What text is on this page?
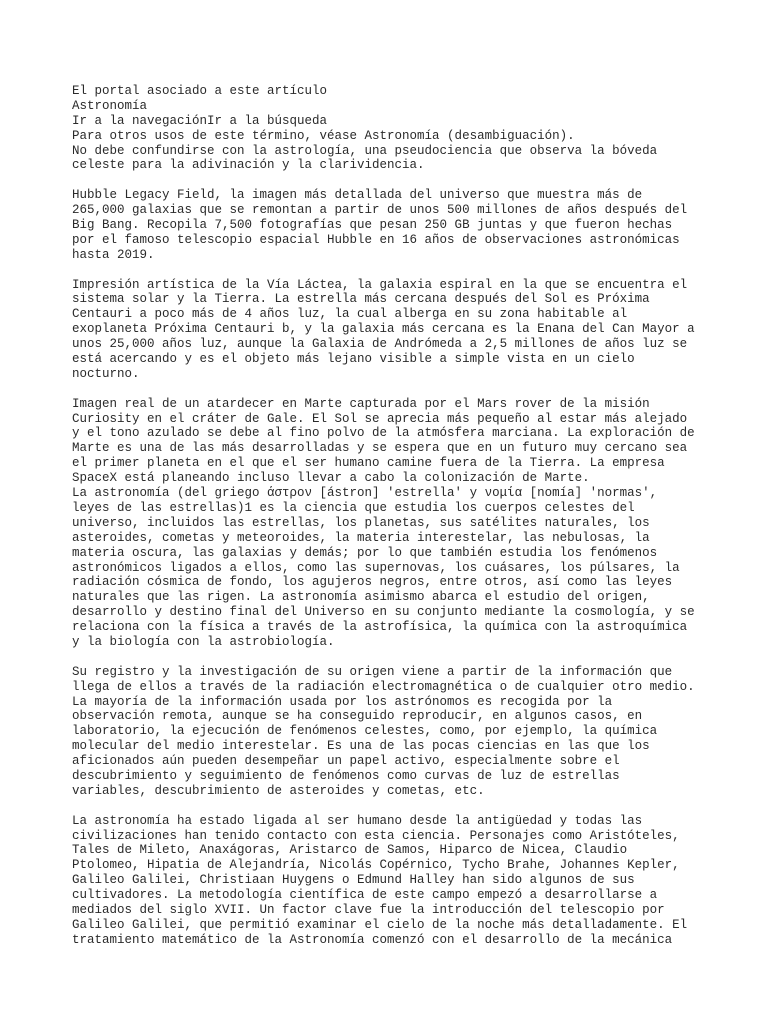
El portal asociado a este artículo
Astronomía
Ir a la navegaciónIr a la búsqueda
Para otros usos de este término, véase Astronomía (desambiguación).
No debe confundirse con la astrología, una pseudociencia que observa la bóveda
celeste para la adivinación y la clarividencia.
Hubble Legacy Field, la imagen más detallada del universo que muestra más de
265,000 galaxias que se remontan a partir de unos 500 millones de años después del
Big Bang. Recopila 7,500 fotografías que pesan 250 GB juntas y que fueron hechas
por el famoso telescopio espacial Hubble en 16 años de observaciones astronómicas
hasta 2019.
Impresión artística de la Vía Láctea, la galaxia espiral en la que se encuentra el
sistema solar y la Tierra. La estrella más cercana después del Sol es Próxima
Centauri a poco más de 4 años luz, la cual alberga en su zona habitable al
exoplaneta Próxima Centauri b, y la galaxia más cercana es la Enana del Can Mayor a
unos 25,000 años luz, aunque la Galaxia de Andrómeda a 2,5 millones de años luz se
está acercando y es el objeto más lejano visible a simple vista en un cielo
nocturno.
Imagen real de un atardecer en Marte capturada por el Mars rover de la misión
Curiosity en el cráter de Gale. El Sol se aprecia más pequeño al estar más alejado
y el tono azulado se debe al fino polvo de la atmósfera marciana. La exploración de
Marte es una de las más desarrolladas y se espera que en un futuro muy cercano sea
el primer planeta en el que el ser humano camine fuera de la Tierra. La empresa
SpaceX está planeando incluso llevar a cabo la colonización de Marte.
La astronomía (del griego άστρον [ástron] 'estrella' y νομία [nomía] 'normas',
leyes de las estrellas)1 es la ciencia que estudia los cuerpos celestes del
universo, incluidos las estrellas, los planetas, sus satélites naturales, los
asteroides, cometas y meteoroides, la materia interestelar, las nebulosas, la
materia oscura, las galaxias y demás; por lo que también estudia los fenómenos
astronómicos ligados a ellos, como las supernovas, los cuásares, los púlsares, la
radiación cósmica de fondo, los agujeros negros, entre otros, así como las leyes
naturales que las rigen. La astronomía asimismo abarca el estudio del origen,
desarrollo y destino final del Universo en su conjunto mediante la cosmología, y se
relaciona con la física a través de la astrofísica, la química con la astroquímica
y la biología con la astrobiología.
Su registro y la investigación de su origen viene a partir de la información que
llega de ellos a través de la radiación electromagnética o de cualquier otro medio.
La mayoría de la información usada por los astrónomos es recogida por la
observación remota, aunque se ha conseguido reproducir, en algunos casos, en
laboratorio, la ejecución de fenómenos celestes, como, por ejemplo, la química
molecular del medio interestelar. Es una de las pocas ciencias en las que los
aficionados aún pueden desempeñar un papel activo, especialmente sobre el
descubrimiento y seguimiento de fenómenos como curvas de luz de estrellas
variables, descubrimiento de asteroides y cometas, etc.
La astronomía ha estado ligada al ser humano desde la antigüedad y todas las
civilizaciones han tenido contacto con esta ciencia. Personajes como Aristóteles,
Tales de Mileto, Anaxágoras, Aristarco de Samos, Hiparco de Nicea, Claudio
Ptolomeo, Hipatia de Alejandría, Nicolás Copérnico, Tycho Brahe, Johannes Kepler,
Galileo Galilei, Christiaan Huygens o Edmund Halley han sido algunos de sus
cultivadores. La metodología científica de este campo empezó a desarrollarse a
mediados del siglo XVII. Un factor clave fue la introducción del telescopio por
Galileo Galilei, que permitió examinar el cielo de la noche más detalladamente. El
tratamiento matemático de la Astronomía comenzó con el desarrollo de la mecánica
